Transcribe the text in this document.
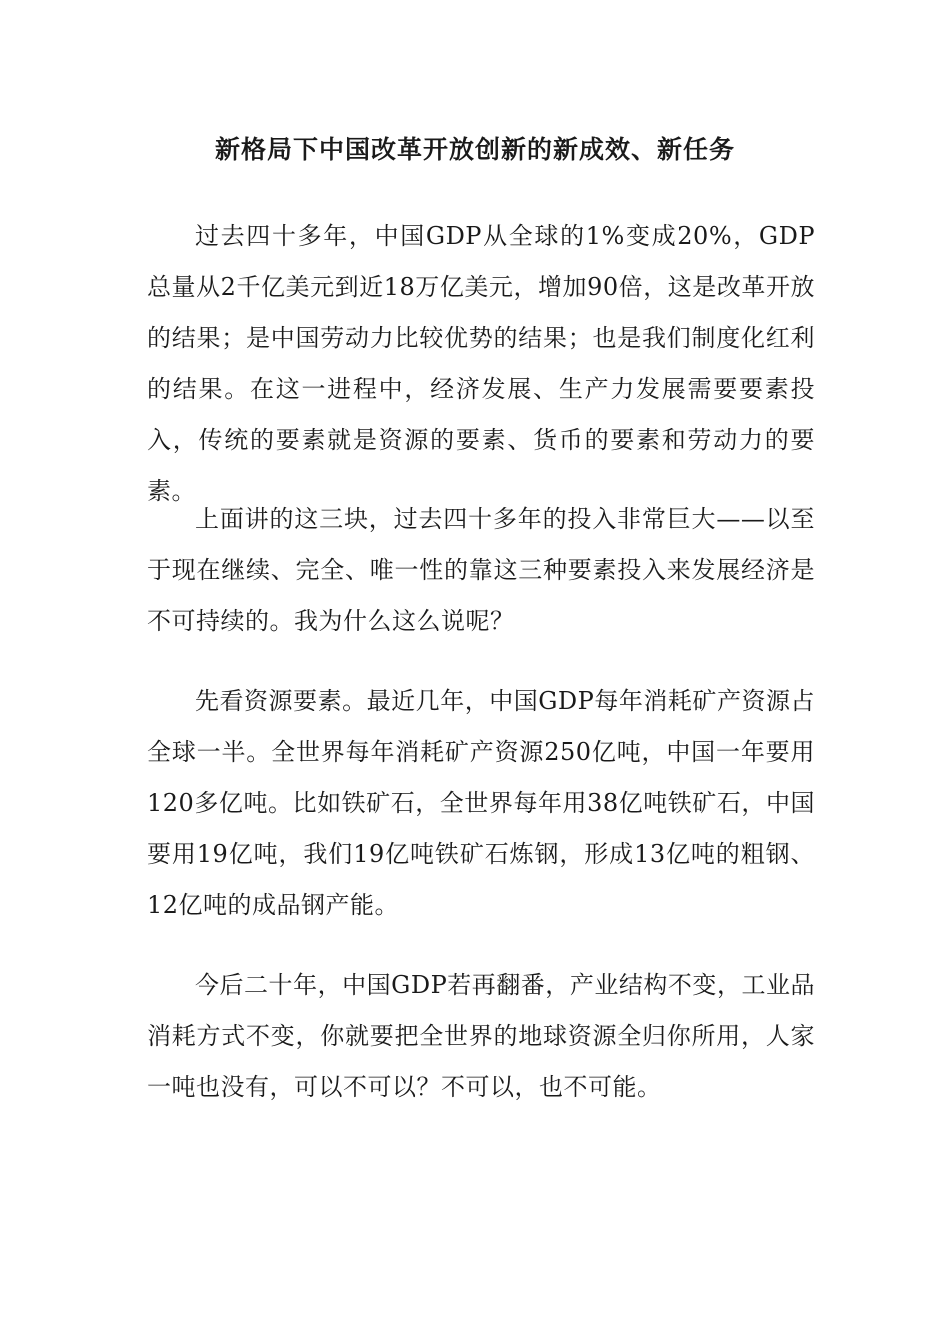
新格局下中国改革开放创新的新成效、新任务

过去四十多年，中国GDP从全球的1%变成20%，GDP总量从2千亿美元到近18万亿美元，增加90倍，这是改革开放的结果；是中国劳动力比较优势的结果；也是我们制度化红利的结果。在这一进程中，经济发展、生产力发展需要要素投入，传统的要素就是资源的要素、货币的要素和劳动力的要素。

上面讲的这三块，过去四十多年的投入非常巨大——以至于现在继续、完全、唯一性的靠这三种要素投入来发展经济是不可持续的。我为什么这么说呢？

先看资源要素。最近几年，中国GDP每年消耗矿产资源占全球一半。全世界每年消耗矿产资源250亿吨，中国一年要用120多亿吨。比如铁矿石，全世界每年用38亿吨铁矿石，中国要用19亿吨，我们19亿吨铁矿石炼钢，形成13亿吨的粗钢、12亿吨的成品钢产能。

今后二十年，中国GDP若再翻番，产业结构不变，工业品消耗方式不变，你就要把全世界的地球资源全归你所用，人家一吨也没有，可以不可以？不可以，也不可能。
